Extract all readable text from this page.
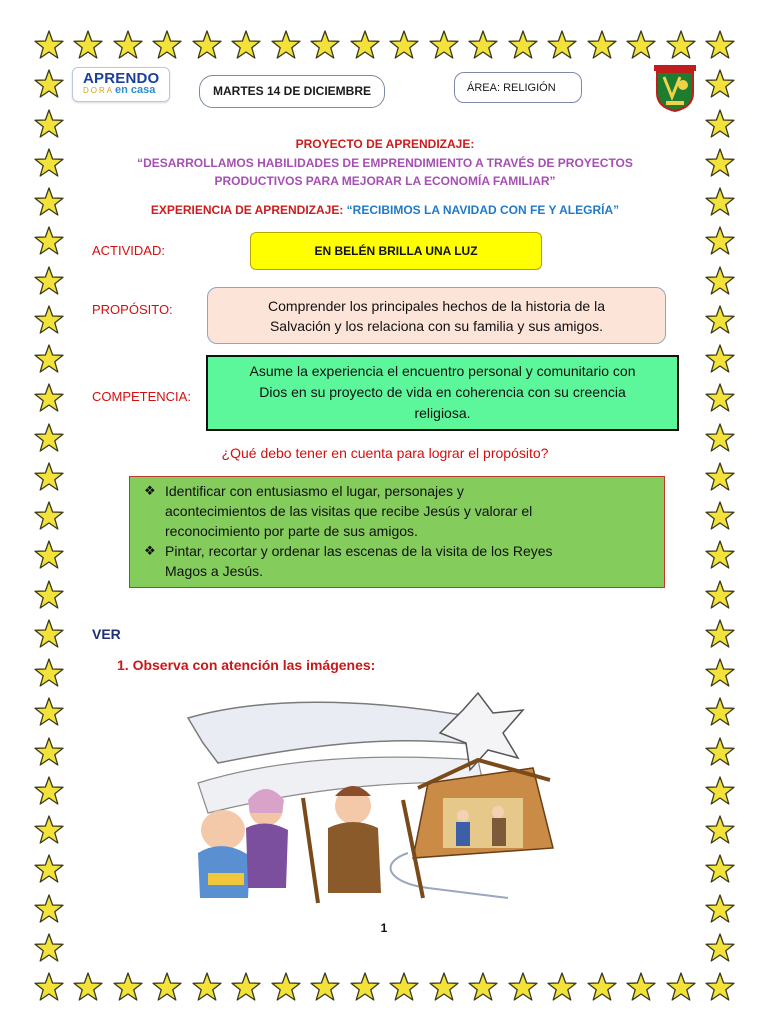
APRENDO
DORA en casa	MARTES 14 DE DICIEMBRE	ÁREA: RELIGIÓN
PROYECTO DE APRENDIZAJE:
“DESARROLLAMOS HABILIDADES DE EMPRENDIMIENTO A TRAVÉS DE PROYECTOS
PRODUCTIVOS PARA MEJORAR LA ECONOMÍA FAMILIAR”
EXPERIENCIA DE APRENDIZAJE: “RECIBIMOS LA NAVIDAD CON FE Y ALEGRÍA”
ACTIVIDAD:	EN BELÉN BRILLA UNA LUZ
PROPÓSITO:	Comprender los principales hechos de la historia de la
Salvación y los relaciona con su familia y sus amigos.
COMPETENCIA:
Asume la experiencia el encuentro personal y comunitario con
Dios en su proyecto de vida en coherencia con su creencia
religiosa.
¿Qué debo tener en cuenta para lograr el propósito?
❖ Identificar con entusiasmo el lugar, personajes y
acontecimientos de las visitas que recibe Jesús y valorar el
reconocimiento por parte de sus amigos.
❖ Pintar, recortar y ordenar las escenas de la visita de los Reyes
Magos a Jesús.
VER
1. Observa con atención las imágenes:
1
